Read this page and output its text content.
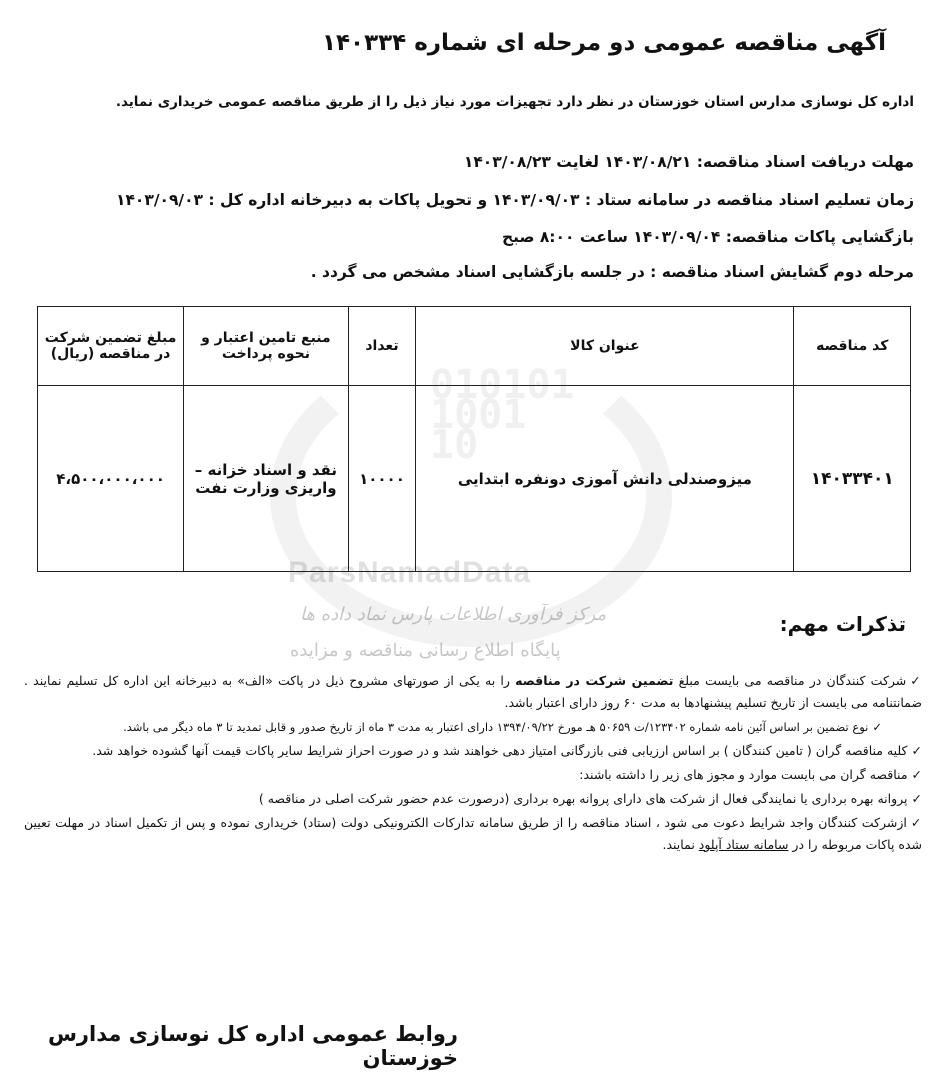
010101
1001
10
ParsNamadData
مرکز فرآوری اطلاعات پارس نماد داده ها
پایگاه اطلاع رسانی مناقصه و مزایده
آگهی مناقصه عمومی دو مرحله ای شماره ۱۴۰۳۳۴
اداره کل نوسازی مدارس استان خوزستان در نظر دارد تجهیزات مورد نیاز ذیل را از طریق مناقصه عمومی خریداری نماید.
مهلت دریافت اسناد مناقصه: ۱۴۰۳/۰۸/۲۱ لغایت ۱۴۰۳/۰۸/۲۳
زمان تسلیم اسناد مناقصه در سامانه ستاد : ۱۴۰۳/۰۹/۰۳ و تحویل پاکات به دبیرخانه اداره کل : ۱۴۰۳/۰۹/۰۳
بازگشایی پاکات مناقصه: ۱۴۰۳/۰۹/۰۴ ساعت ۸:۰۰ صبح
مرحله دوم گشایش اسناد مناقصه : در جلسه بازگشایی اسناد مشخص می گردد .
کد مناقصه	عنوان کالا	تعداد	منبع تامین اعتبار و نحوه پرداخت	مبلغ تضمین شرکت در مناقصه (ریال)
۱۴۰۳۳۴۰۱	میزوصندلی دانش آموزی دونفره ابتدایی	۱۰۰۰۰	نقد و اسناد خزانه – واریزی وزارت نفت	۴،۵۰۰،۰۰۰،۰۰۰
تذکرات مهم:

✓شرکت کنندگان در مناقصه می بایست مبلغ تضمین شرکت در مناقصه را به یکی از صورتهای مشروح ذیل در پاکت «الف» به دبیرخانه این اداره کل تسلیم نمایند . ضمانتنامه می بایست از تاریخ تسلیم پیشنهادها به مدت ۶۰ روز دارای اعتبار باشد.

✓نوع تضمین بر اساس آئین نامه شماره ۱۲۳۴۰۲/ت ۵۰۶۵۹ هـ مورخ ۱۳۹۴/۰۹/۲۲ دارای اعتبار به مدت ۳ ماه از تاریخ صدور و قابل تمدید تا ۳ ماه دیگر می باشد.

✓کلیه مناقصه گران ( تامین کنندگان ) بر اساس ارزیابی فنی بازرگانی امتیاز دهی خواهند شد و در صورت احراز شرایط سایر پاکات قیمت آنها گشوده خواهد شد.

✓مناقصه گران می بایست موارد و مجوز های زیر را داشته باشند:

✓پروانه بهره برداری یا نمایندگی فعال از شرکت های دارای پروانه بهره برداری (درصورت عدم حضور شرکت اصلی در مناقصه )

✓ازشرکت کنندگان واجد شرایط دعوت می شود ، اسناد مناقصه را از طریق سامانه تدارکات الکترونیکی دولت (ستاد) خریداری نموده و پس از تکمیل اسناد در مهلت تعیین شده پاکات مربوطه را در سامانه ستاد آپلود نمایند.

روابط عمومی اداره کل نوسازی مدارس خوزستان
